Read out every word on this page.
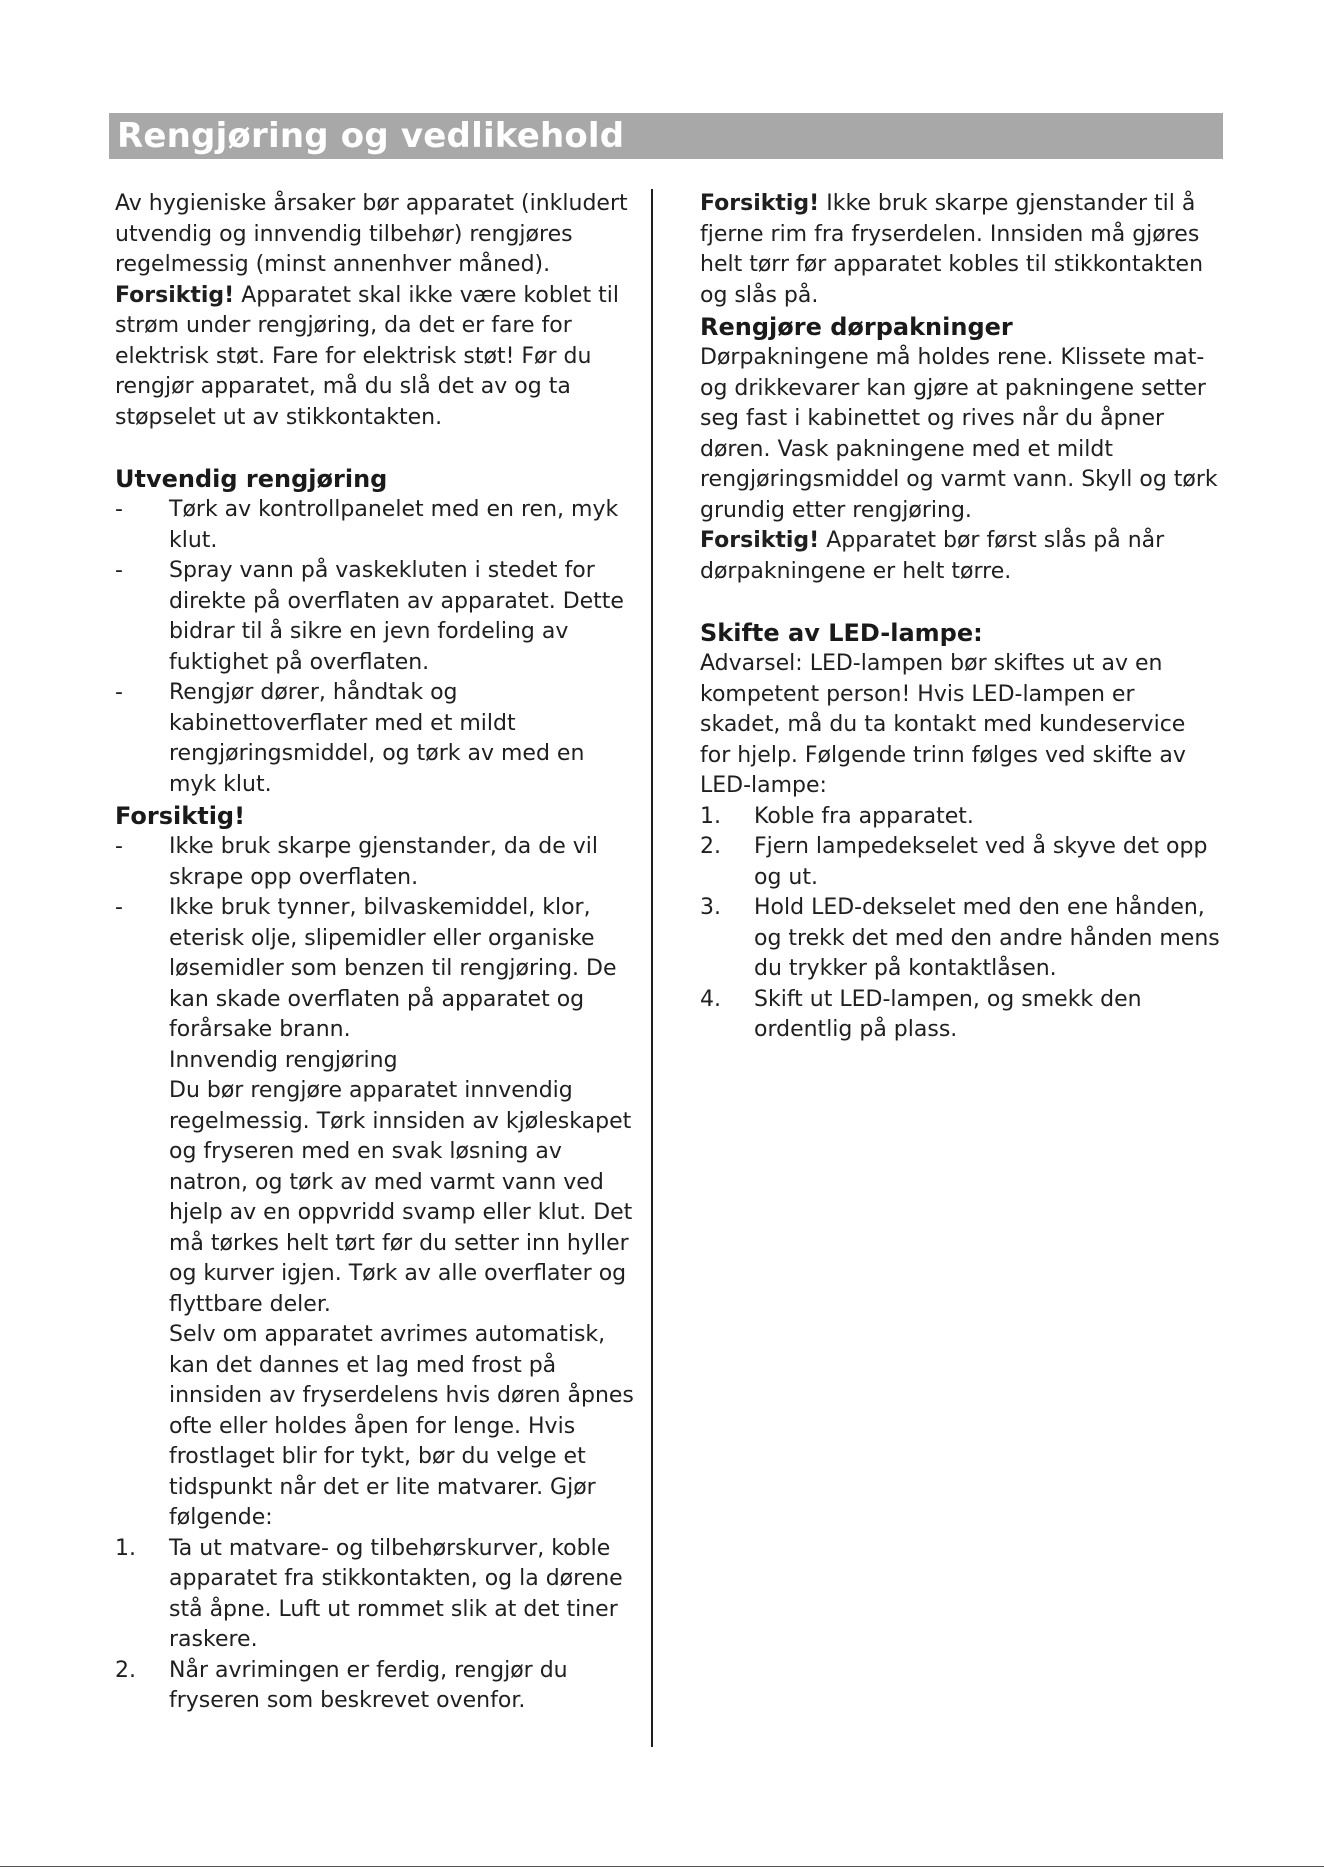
Rengjøring og vedlikehold

Av hygieniske årsaker bør apparatet (inkludert utvendig og innvendig tilbehør) rengjøres regelmessig (minst annenhver måned).

Forsiktig! Apparatet skal ikke være koblet til strøm under rengjøring, da det er fare for elektrisk støt. Fare for elektrisk støt! Før du rengjør apparatet, må du slå det av og ta støpselet ut av stikkontakten.

Utvendig rengjøring
-	Tørk av kontrollpanelet med en ren, myk klut.
-	Spray vann på vaskekluten i stedet for direkte på overflaten av apparatet. Dette bidrar til å sikre en jevn fordeling av fuktighet på overflaten.
-	Rengjør dører, håndtak og kabinettoverflater med et mildt rengjøringsmiddel, og tørk av med en myk klut.
Forsiktig!
-	Ikke bruk skarpe gjenstander, da de vil skrape opp overflaten.
-	Ikke bruk tynner, bilvaskemiddel, klor, eterisk olje, slipemidler eller organiske løsemidler som benzen til rengjøring. De kan skade overflaten på apparatet og forårsake brann.

Innvendig rengjøring

Du bør rengjøre apparatet innvendig regelmessig. Tørk innsiden av kjøleskapet og fryseren med en svak løsning av natron, og tørk av med varmt vann ved hjelp av en oppvridd svamp eller klut. Det må tørkes helt tørt før du setter inn hyller og kurver igjen. Tørk av alle overflater og flyttbare deler.

Selv om apparatet avrimes automatisk, kan det dannes et lag med frost på innsiden av fryserdelens hvis døren åpnes ofte eller holdes åpen for lenge. Hvis frostlaget blir for tykt, bør du velge et tidspunkt når det er lite matvarer. Gjør følgende:

1.	Ta ut matvare- og tilbehørskurver, koble apparatet fra stikkontakten, og la dørene stå åpne. Luft ut rommet slik at det tiner raskere.
2.	Når avrimingen er ferdig, rengjør du fryseren som beskrevet ovenfor.

Forsiktig! Ikke bruk skarpe gjenstander til å fjerne rim fra fryserdelen. Innsiden må gjøres helt tørr før apparatet kobles til stikkontakten og slås på.

Rengjøre dørpakninger

Dørpakningene må holdes rene. Klissete mat- og drikkevarer kan gjøre at pakningene setter seg fast i kabinettet og rives når du åpner døren. Vask pakningene med et mildt rengjøringsmiddel og varmt vann. Skyll og tørk grundig etter rengjøring.

Forsiktig! Apparatet bør først slås på når dørpakningene er helt tørre.

Skifte av LED-lampe:

Advarsel: LED-lampen bør skiftes ut av en kompetent person! Hvis LED-lampen er skadet, må du ta kontakt med kundeservice for hjelp. Følgende trinn følges ved skifte av LED-lampe:

1.	Koble fra apparatet.
2.	Fjern lampedekselet ved å skyve det opp og ut.
3.	Hold LED-dekselet med den ene hånden, og trekk det med den andre hånden mens du trykker på kontaktlåsen.
4.	Skift ut LED-lampen, og smekk den ordentlig på plass.
